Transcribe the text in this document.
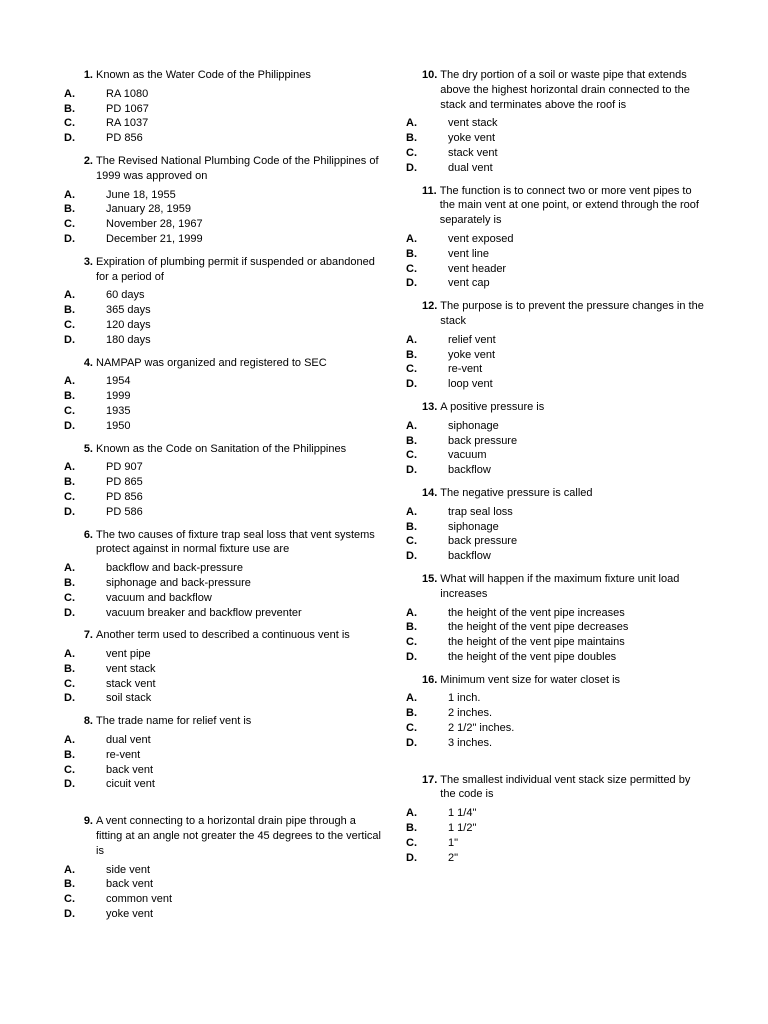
1. Known as the Water Code of the Philippines
A.	RA 1080
B.	PD 1067
C.	RA 1037
D.	PD 856
2. The Revised National Plumbing Code of the Philippines of 1999 was approved on
A.	June 18, 1955
B.	January 28, 1959
C.	November 28, 1967
D.	December 21, 1999
3. Expiration of plumbing permit if suspended or abandoned for a period of
A.	60 days
B.	365 days
C.	120 days
D.	180 days
4. NAMPAP was organized and registered to SEC
A.	1954
B.	1999
C.	1935
D.	1950
5. Known as the Code on Sanitation of the Philippines
A.	PD 907
B.	PD 865
C.	PD 856
D.	PD 586
6. The two causes of fixture trap seal loss that vent systems protect against in normal fixture use are
A.	backflow and back-pressure
B.	siphonage and back-pressure
C.	vacuum and backflow
D.	vacuum breaker and backflow preventer
7. Another term used to described a continuous vent is
A.	vent pipe
B.	vent stack
C.	stack vent
D.	soil stack
8. The trade name for relief vent is
A.	dual vent
B.	re-vent
C.	back vent
D.	cicuit vent
9. A vent connecting to a horizontal drain pipe through a fitting at an angle not greater the 45 degrees to the vertical is
A.	side vent
B.	back vent
C.	common vent
D.	yoke vent
10. The dry portion of a soil or waste pipe that extends above the highest horizontal drain connected to the stack and terminates above the roof is
A.	vent stack
B.	yoke vent
C.	stack vent
D.	dual vent
11. The function is to connect two or more vent pipes to the main vent at one point, or extend through the roof separately is
A.	vent exposed
B.	vent line
C.	vent header
D.	vent cap
12. The purpose is to prevent the pressure changes in the stack
A.	relief vent
B.	yoke vent
C.	re-vent
D.	loop vent
13. A positive pressure is
A.	siphonage
B.	back pressure
C.	vacuum
D.	backflow
14. The negative pressure is called
A.	trap seal loss
B.	siphonage
C.	back pressure
D.	backflow
15. What will happen if the maximum fixture unit load increases
A.	the height of the vent pipe increases
B.	the height of the vent pipe decreases
C.	the height of the vent pipe maintains
D.	the height of the vent pipe doubles
16. Minimum vent size for water closet is
A.	1 inch.
B.	2 inches.
C.	2 1/2" inches.
D.	3 inches.
17. The smallest individual vent stack size permitted by the code is
A.	1 1/4"
B.	1 1/2"
C.	1"
D.	2"
